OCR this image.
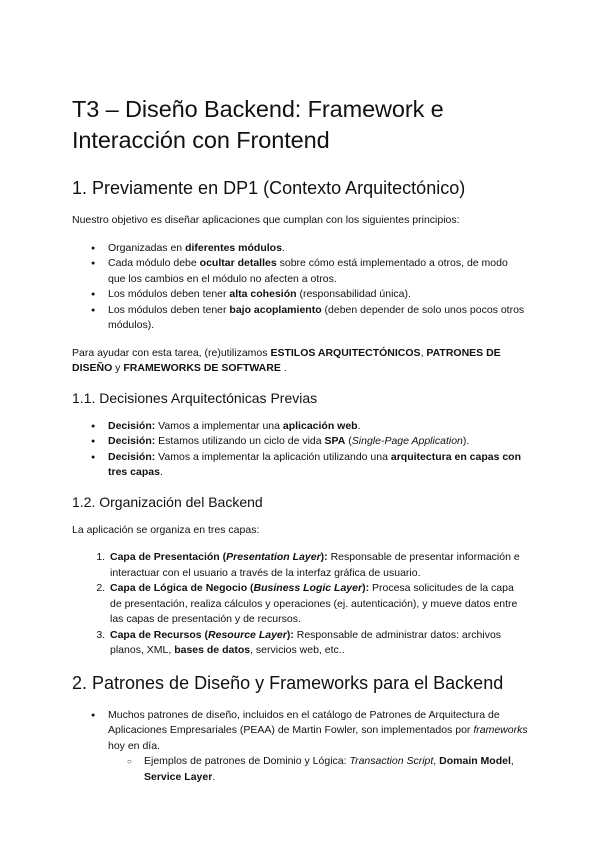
T3 – Diseño Backend: Framework e
Interacción con Frontend
1. Previamente en DP1 (Contexto Arquitectónico)

Nuestro objetivo es diseñar aplicaciones que cumplan con los siguientes principios:

● Organizadas en diferentes módulos.
● Cada módulo debe ocultar detalles sobre cómo está implementado a otros, de modo que los cambios en el módulo no afecten a otros.
● Los módulos deben tener alta cohesión (responsabilidad única).
● Los módulos deben tener bajo acoplamiento (deben depender de solo unos pocos otros módulos).

Para ayudar con esta tarea, (re)utilizamos ESTILOS ARQUITECTÓNICOS, PATRONES DE DISEÑO y FRAMEWORKS DE SOFTWARE .

1.1. Decisiones Arquitectónicas Previas
● Decisión: Vamos a implementar una aplicación web.
● Decisión: Estamos utilizando un ciclo de vida SPA (Single-Page Application).
● Decisión: Vamos a implementar la aplicación utilizando una arquitectura en capas con tres capas.
1.2. Organización del Backend

La aplicación se organiza en tres capas:

1. Capa de Presentación (Presentation Layer): Responsable de presentar información e interactuar con el usuario a través de la interfaz gráfica de usuario.
2. Capa de Lógica de Negocio (Business Logic Layer): Procesa solicitudes de la capa de presentación, realiza cálculos y operaciones (ej. autenticación), y mueve datos entre las capas de presentación y de recursos.
3. Capa de Recursos (Resource Layer): Responsable de administrar datos: archivos planos, XML, bases de datos, servicios web, etc..
2. Patrones de Diseño y Frameworks para el Backend
● Muchos patrones de diseño, incluidos en el catálogo de Patrones de Arquitectura de Aplicaciones Empresariales (PEAA) de Martin Fowler, son implementados por frameworks hoy en día.
○ Ejemplos de patrones de Dominio y Lógica: Transaction Script, Domain Model, Service Layer.
